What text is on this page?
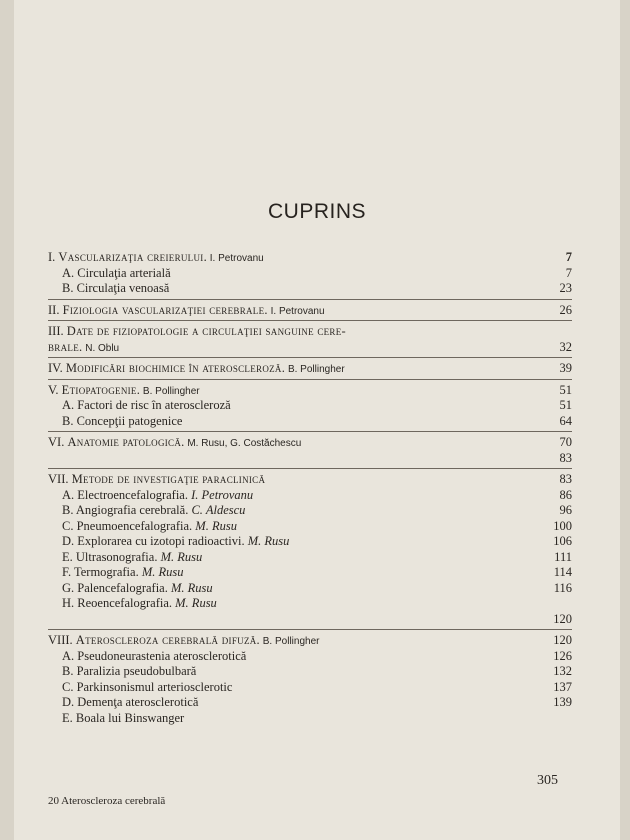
CUPRINS
I. Vascularizaţia creierului. I. Petrovanu	7
A. Circulaţia arterială	7
B. Circulaţia venoasă	23
II. Fiziologia vascularizaţiei cerebrale. I. Petrovanu	26
III. Date de fiziopatologie a circulaţiei sanguine cere-
brale. N. Oblu	32
IV. Modificări biochimice în ateroscleroză. B. Pollingher	39
V. Etiopatogenie. B. Pollingher	51
A. Factori de risc în ateroscleroză	51
B. Concepţii patogenice	64
VI. Anatomie patologică. M. Rusu, G. Costăchescu	70
83
VII. Metode de investigaţie paraclinică	83
A. Electroencefalografia. I. Petrovanu	86
B. Angiografia cerebrală. C. Aldescu	96
C. Pneumoencefalografia. M. Rusu	100
D. Explorarea cu izotopi radioactivi. M. Rusu	106
E. Ultrasonografia. M. Rusu	111
F. Termografia. M. Rusu	114
G. Palencefalografia. M. Rusu	116
H. Reoencefalografia. M. Rusu
120
VIII. Ateroscleroza cerebrală difuză. B. Pollingher	120
A. Pseudoneurastenia aterosclerotică	126
B. Paralizia pseudobulbară	132
C. Parkinsonismul arteriosclerotic	137
D. Demenţa aterosclerotică	139
E. Boala lui Binswanger
305
20 Ateroscleroza cerebrală
